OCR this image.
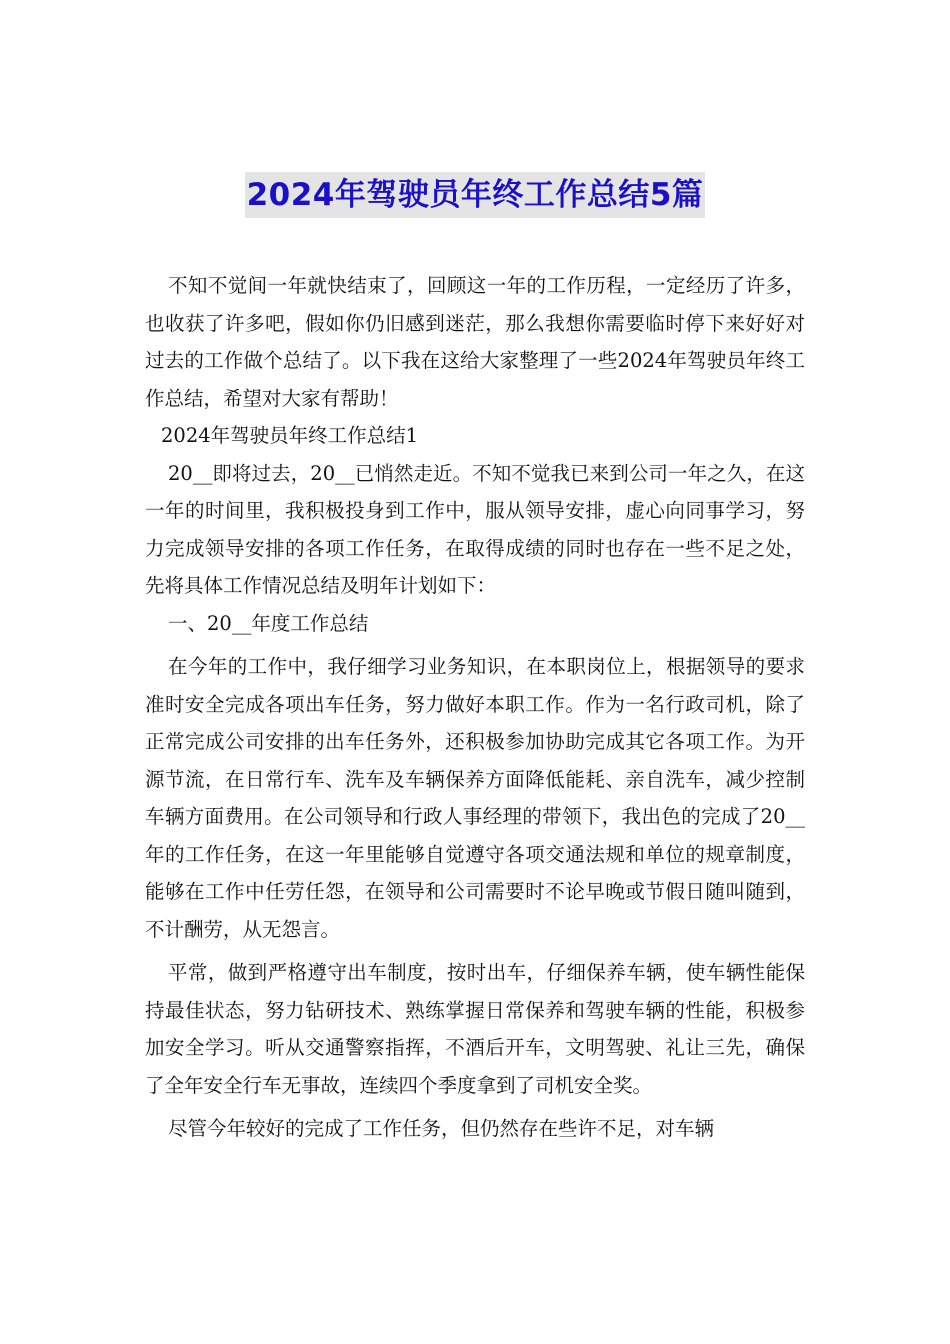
2024年驾驶员年终工作总结5篇

不知不觉间一年就快结束了，回顾这一年的工作历程，一定经历了许多，也收获了许多吧，假如你仍旧感到迷茫，那么我想你需要临时停下来好好对过去的工作做个总结了。以下我在这给大家整理了一些2024年驾驶员年终工作总结，希望对大家有帮助！

2024年驾驶员年终工作总结1

20__即将过去，20__已悄然走近。不知不觉我已来到公司一年之久，在这一年的时间里，我积极投身到工作中，服从领导安排，虚心向同事学习，努力完成领导安排的各项工作任务，在取得成绩的同时也存在一些不足之处，先将具体工作情况总结及明年计划如下：

一、20__年度工作总结

在今年的工作中，我仔细学习业务知识，在本职岗位上，根据领导的要求准时安全完成各项出车任务，努力做好本职工作。作为一名行政司机，除了正常完成公司安排的出车任务外，还积极参加协助完成其它各项工作。为开源节流，在日常行车、洗车及车辆保养方面降低能耗、亲自洗车，减少控制车辆方面费用。在公司领导和行政人事经理的带领下，我出色的完成了20__年的工作任务，在这一年里能够自觉遵守各项交通法规和单位的规章制度，能够在工作中任劳任怨，在领导和公司需要时不论早晚或节假日随叫随到，不计酬劳，从无怨言。

平常，做到严格遵守出车制度，按时出车，仔细保养车辆，使车辆性能保持最佳状态，努力钻研技术、熟练掌握日常保养和驾驶车辆的性能，积极参加安全学习。听从交通警察指挥，不酒后开车，文明驾驶、礼让三先，确保了全年安全行车无事故，连续四个季度拿到了司机安全奖。

尽管今年较好的完成了工作任务，但仍然存在些许不足，对车辆
